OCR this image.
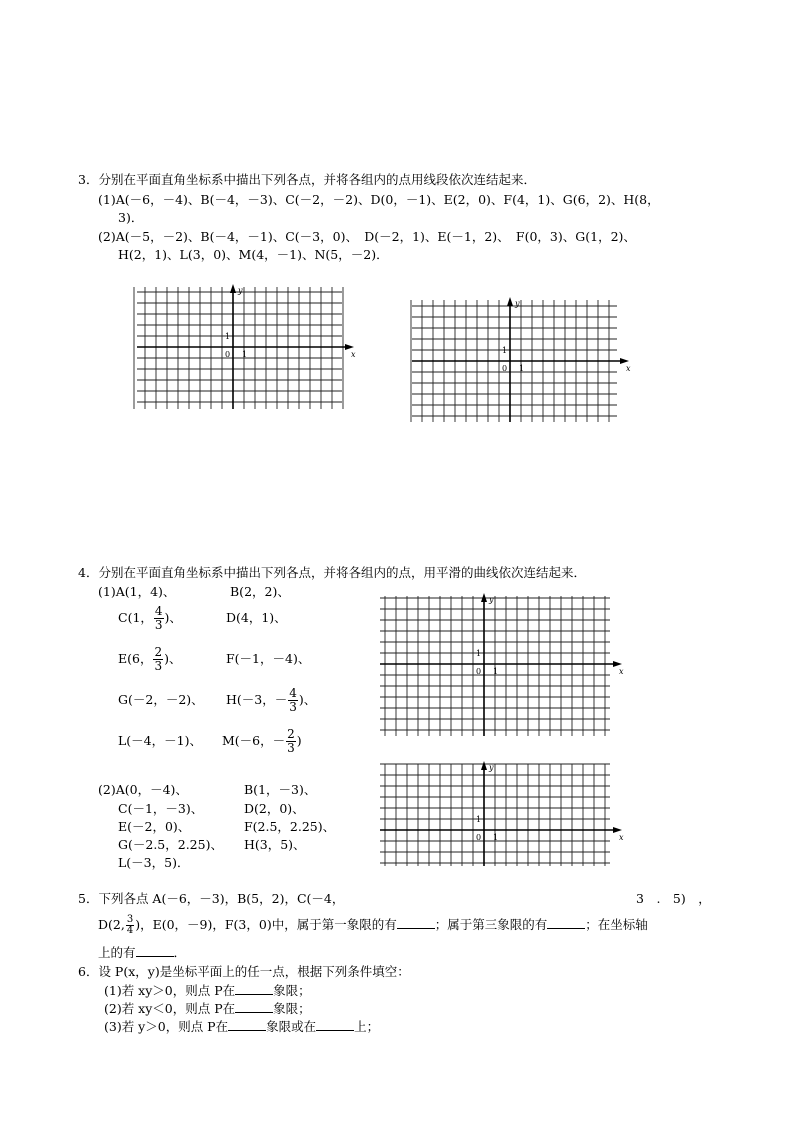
3．分别在平面直角坐标系中描出下列各点，并将各组内的点用线段依次连结起来．
(1)A(－6，－4)、B(－4，－3)、C(－2，－2)、D(0，－1)、E(2，0)、F(4，1)、G(6，2)、H(8，
3)．
(2)A(－5，－2)、B(－4，－1)、C(－3，0)、　D(－2，1)、E(－1，2)、　F(0，3)、G(1，2)、
H(2，1)、L(3，0)、M(4，－1)、N(5，－2)．
y
x
1
0 1
y
x
1
0 1
4．分别在平面直角坐标系中描出下列各点，并将各组内的点，用平滑的曲线依次连结起来．
(1)A(1，4)、	B(2，2)、
C(1， $\frac{4}{3}$ )、	D(4，1)、
E(6， $\frac{2}{3}$ )、	F(－1，－4)、
G(－2，－2)、 H(－3，－ $\frac{4}{3}$ )、
L(－4，－1)、 M(－6，－ $\frac{2}{3}$ )
(2)A(0，－4)、	B(1，－3)、
C(－1，－3)、	D(2，0)、
E(－2，0)、	F(2.5，2.25)、
G(－2.5，2.25)、 H(3，5)、
L(－3，5)．
y
x
1
0 1
y
x
1
0 1
5．下列各点 A(－6，－3)，B(5，2)，C(－4，	3　.　5)　，
D(2, $\frac{3}{4}$ )，E(0，－9)，F(3，0)中，属于第一象限的有	；属于第三象限的有	；在坐标轴
上的有	．
6．设 P(x，y)是坐标平面上的任一点，根据下列条件填空：
(1)若 xy＞0，则点 P在	象限；
(2)若 xy＜0，则点 P在	象限；
(3)若 y＞0，则点 P在	象限或在	上；
